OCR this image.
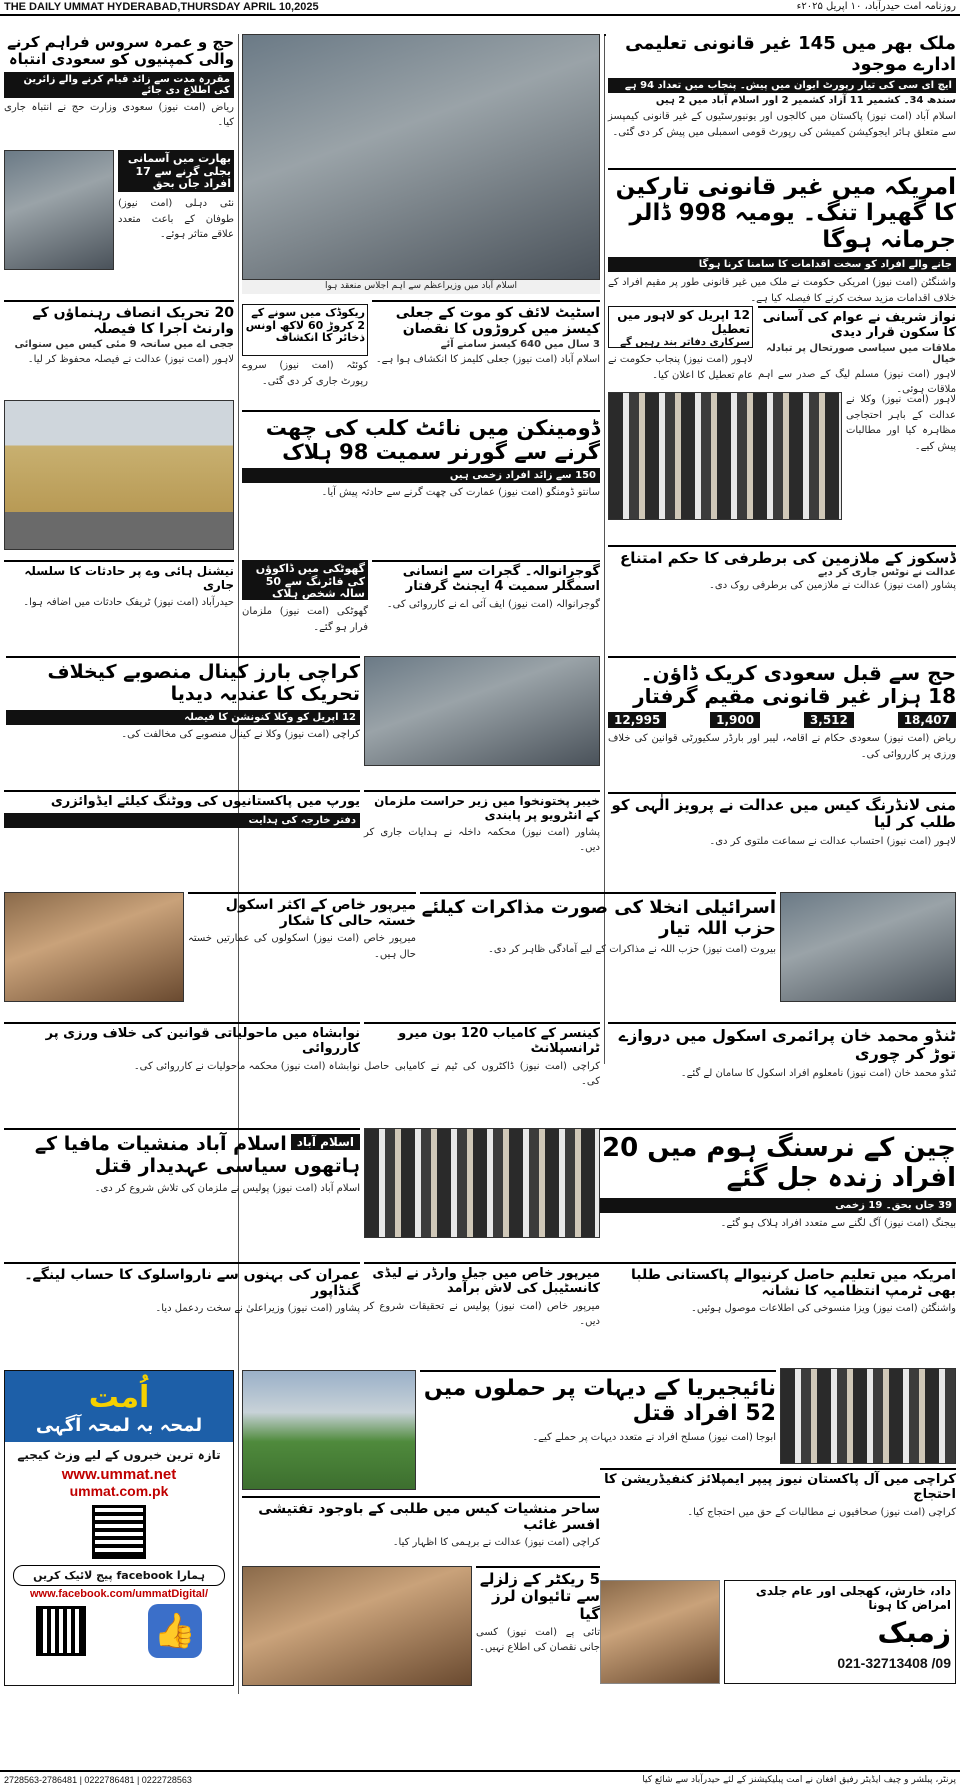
THE DAILY UMMAT HYDERABAD,THURSDAY APRIL 10,2025	روزنامہ امت حیدرآباد، ۱۰ اپریل ۲۰۲۵ء
ملک بھر میں 145 غیر قانونی تعلیمی ادارے موجود
ایچ ای سی کی تیار رپورٹ ایوان میں پیش۔ پنجاب میں تعداد 94 ہے
سندھ 34۔ کشمیر 11 آزاد کشمیر 2 اور اسلام آباد میں 2 ہیں
اسلام آباد (امت نیوز) پاکستان میں کالجوں اور یونیورسٹیوں کے غیر قانونی کیمپسز سے متعلق ہائر ایجوکیشن کمیشن کی رپورٹ قومی اسمبلی میں پیش کر دی گئی۔
امریکہ میں غیر قانونی تارکین کا گھیرا تنگ۔ یومیہ 998 ڈالر جرمانہ ہوگا
جانے والے افراد کو سخت اقدامات کا سامنا کرنا ہوگا
واشنگٹن (امت نیوز) امریکی حکومت نے ملک میں غیر قانونی طور پر مقیم افراد کے خلاف اقدامات مزید سخت کرنے کا فیصلہ کیا ہے۔
نواز شریف نے عوام کی آسانی کا سکون قرار دیدی
ملاقات میں سیاسی صورتحال پر تبادلہ خیال
لاہور (امت نیوز) مسلم لیگ کے صدر سے اہم ملاقات ہوئی۔
12 اپریل کو لاہور میں تعطیل
سرکاری دفاتر بند رہیں گے
لاہور (امت نیوز) پنجاب حکومت نے عام تعطیل کا اعلان کیا۔
لاہور (امت نیوز) وکلا نے عدالت کے باہر احتجاجی مظاہرہ کیا اور مطالبات پیش کیے۔
ڈسکوز کے ملازمین کی برطرفی کا حکم امتناع
عدالت نے نوٹس جاری کر دیے
پشاور (امت نیوز) عدالت نے ملازمین کی برطرفی روک دی۔
حج سے قبل سعودی کریک ڈاؤن۔ 18 ہزار غیر قانونی مقیم گرفتار
18,407
3,512
1,900
12,995
ریاض (امت نیوز) سعودی حکام نے اقامہ، لیبر اور بارڈر سکیورٹی قوانین کی خلاف ورزی پر کارروائی کی۔
منی لانڈرنگ کیس میں عدالت نے پرویز الٰہی کو طلب کر لیا
لاہور (امت نیوز) احتساب عدالت نے سماعت ملتوی کر دی۔
اسرائیلی انخلا کی صورت مذاکرات کیلئے حزب اللہ تیار
بیروت (امت نیوز) حزب اللہ نے مذاکرات کے لیے آمادگی ظاہر کر دی۔
ٹنڈو محمد خان پرائمری اسکول میں دروازے توڑ کر چوری
ٹنڈو محمد خان (امت نیوز) نامعلوم افراد اسکول کا سامان لے گئے۔
چین کے نرسنگ ہوم میں 20 افراد زندہ جل گئے
39 جاں بحق۔ 19 زخمی
بیجنگ (امت نیوز) آگ لگنے سے متعدد افراد ہلاک ہو گئے۔
امریکہ میں تعلیم حاصل کرنیوالے پاکستانی طلبا بھی ٹرمپ انتظامیہ کا نشانہ
واشنگٹن (امت نیوز) ویزا منسوخی کی اطلاعات موصول ہوئیں۔
کراچی میں آل پاکستان نیوز پیپر ایمپلائز کنفیڈریشن کا احتجاج
کراچی (امت نیوز) صحافیوں نے مطالبات کے حق میں احتجاج کیا۔
داد، خارش، کھجلی اور عام جلدی امراض کا ہونا
زمبک
021-32713408 /09
اسلام آباد میں وزیراعظم سے اہم اجلاس منعقد ہوا
اسٹیٹ لائف کو موت کے جعلی کیسز میں کروڑوں کا نقصان
3 سال میں 640 کیسز سامنے آئے
اسلام آباد (امت نیوز) جعلی کلیمز کا انکشاف ہوا ہے۔
ریکوڈک میں سونے کے 2 کروڑ 60 لاکھ اونس ذخائر کا انکشاف
کوئٹہ (امت نیوز) سروے رپورٹ جاری کر دی گئی۔
ڈومینکن میں نائٹ کلب کی چھت گرنے سے گورنر سمیت 98 ہلاک
150 سے زائد افراد زخمی ہیں
سانتو ڈومنگو (امت نیوز) عمارت کی چھت گرنے سے حادثہ پیش آیا۔
گوجرانوالہ۔ گجرات سے انسانی اسمگلر سمیت 4 ایجنٹ گرفتار
گوجرانوالہ (امت نیوز) ایف آئی اے نے کارروائی کی۔
گھوٹکی میں ڈاکوؤں کی فائرنگ سے 50 سالہ شخص ہلاک
گھوٹکی (امت نیوز) ملزمان فرار ہو گئے۔
کراچی بارز کینال منصوبے کیخلاف تحریک کا عندیہ دیدیا
12 اپریل کو وکلا کنونشن کا فیصلہ
کراچی (امت نیوز) وکلا نے کینال منصوبے کی مخالفت کی۔
خیبر پختونخوا میں زیر حراست ملزمان کے انٹرویو پر پابندی
پشاور (امت نیوز) محکمہ داخلہ نے ہدایات جاری کر دیں۔
کینسر کے کامیاب 120 بون میرو ٹرانسپلانٹ
کراچی (امت نیوز) ڈاکٹروں کی ٹیم نے کامیابی حاصل کی۔
میرپور خاص میں جیل وارڈر نے لیڈی کانسٹیبل کی لاش برآمد
میرپور خاص (امت نیوز) پولیس نے تحقیقات شروع کر دیں۔
نائیجیریا کے دیہات پر حملوں میں 52 افراد قتل
ابوجا (امت نیوز) مسلح افراد نے متعدد دیہات پر حملے کیے۔
ساحر منشیات کیس میں طلبی کے باوجود تفتیشی افسر غائب
کراچی (امت نیوز) عدالت نے برہمی کا اظہار کیا۔
5 ریکٹر کے زلزلے سے تائیوان لرز گیا
تائی پے (امت نیوز) کسی جانی نقصان کی اطلاع نہیں۔
حج و عمرہ سروس فراہم کرنے والی کمپنیوں کو سعودی انتباہ
مقررہ مدت سے زائد قیام کرنے والے زائرین کی اطلاع دی جائے
ریاض (امت نیوز) سعودی وزارت حج نے انتباہ جاری کیا۔
بھارت میں آسمانی بجلی گرنے سے 17 افراد جاں بحق
نئی دہلی (امت نیوز) طوفان کے باعث متعدد علاقے متاثر ہوئے۔
20 تحریک انصاف رہنماؤں کے وارنٹ اجرا کا فیصلہ
ججی اے میں سانحہ 9 مئی کیس میں سنوائی
لاہور (امت نیوز) عدالت نے فیصلہ محفوظ کر لیا۔
نیشنل ہائی وے پر حادثات کا سلسلہ جاری
حیدرآباد (امت نیوز) ٹریفک حادثات میں اضافہ ہوا۔
یورپ میں پاکستانیوں کی ووٹنگ کیلئے ایڈوائزری
دفتر خارجہ کی ہدایت
میرپور خاص کے اکثر اسکول خستہ حالی کا شکار
میرپور خاص (امت نیوز) اسکولوں کی عمارتیں خستہ حال ہیں۔
نوابشاہ میں ماحولیاتی قوانین کی خلاف ورزی پر کارروائی
نوابشاہ (امت نیوز) محکمہ ماحولیات نے کارروائی کی۔
اسلام آباد
اسلام آباد منشیات مافیا کے ہاتھوں سیاسی عہدیدار قتل
اسلام آباد (امت نیوز) پولیس نے ملزمان کی تلاش شروع کر دی۔
عمران کی بہنوں سے نارواسلوک کا حساب لینگے۔ گنڈاپور
پشاور (امت نیوز) وزیراعلیٰ نے سخت ردعمل دیا۔
اُمت
لمحہ بہ لمحہ آگہی
تازہ ترین خبروں کے لیے وزٹ کیجیے
www.ummat.net
ummat.com.pk
ہمارا facebook پیج لائیک کریں
www.facebook.com/ummatDigital/
👍
پرنٹر، پبلشر و چیف ایڈیٹر رفیق افغان نے امت پبلیکیشنز کے لئے حیدرآباد سے شائع کیا
2728563-2786481 | 0222786481 | 0222728563
